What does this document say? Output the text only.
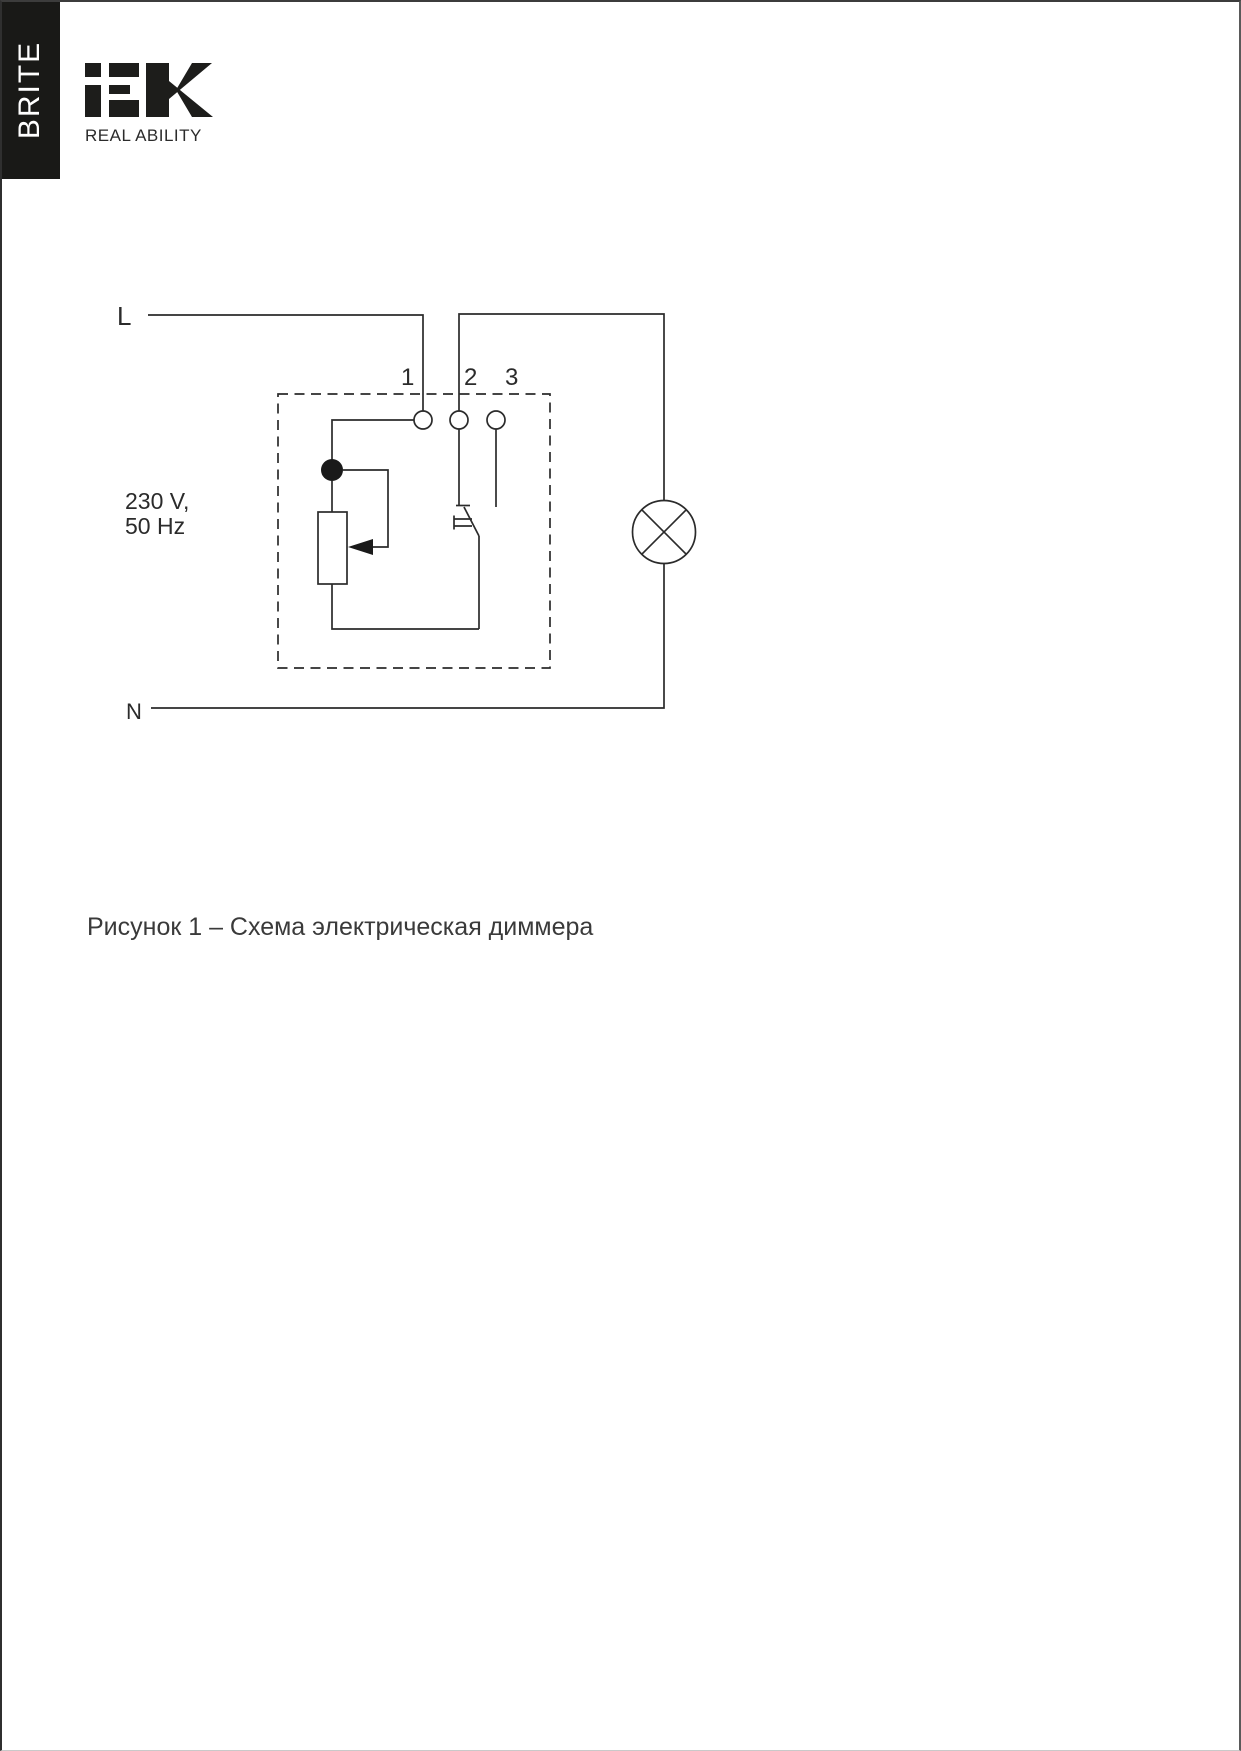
BRITE REAL ABILITY
L
N
230 V,
50 Hz
1 2 3
Рисунок 1 – Схема электрическая диммера
